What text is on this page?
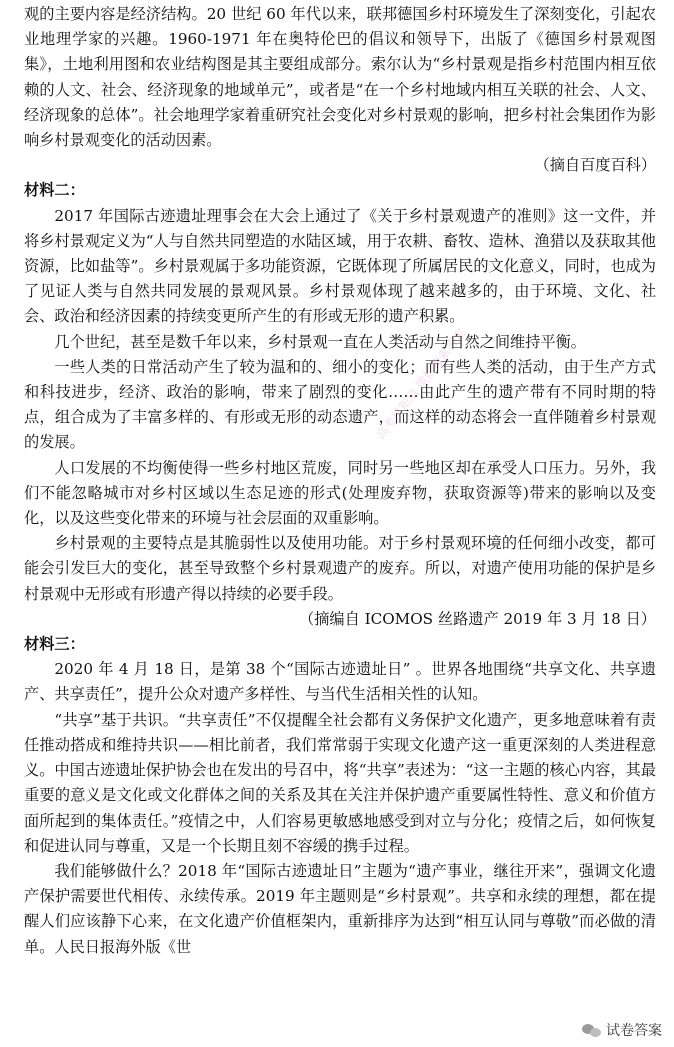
观的主要内容是经济结构。20 世纪 60 年代以来，联邦德国乡村环境发生了深刻变化，引起农业地理学家的兴趣。1960-1971 年在奥特伦巴的倡议和领导下，出版了《德国乡村景观图集》，土地利用图和农业结构图是其主要组成部分。索尔认为“乡村景观是指乡村范围内相互依赖的人文、社会、经济现象的地域单元”，或者是“在一个乡村地域内相互关联的社会、人文、经济现象的总体”。社会地理学家着重研究社会变化对乡村景观的影响，把乡村社会集团作为影响乡村景观变化的活动因素。

（摘自百度百科）

材料二：

2017 年国际古迹遗址理事会在大会上通过了《关于乡村景观遗产的准则》这一文件，并将乡村景观定义为“人与自然共同塑造的水陆区域，用于农耕、畜牧、造林、渔猎以及获取其他资源，比如盐等”。乡村景观属于多功能资源，它既体现了所属居民的文化意义，同时，也成为了见证人类与自然共同发展的景观风景。乡村景观体现了越来越多的，由于环境、文化、社会、政治和经济因素的持续变更所产生的有形或无形的遗产积累。

几个世纪，甚至是数千年以来，乡村景观一直在人类活动与自然之间维持平衡。

一些人类的日常活动产生了较为温和的、细小的变化；而有些人类的活动，由于生产方式和科技进步，经济、政治的影响，带来了剧烈的变化……由此产生的遗产带有不同时期的特点，组合成为了丰富多样的、有形或无形的动态遗产，而这样的动态将会一直伴随着乡村景观的发展。

人口发展的不均衡使得一些乡村地区荒废，同时另一些地区却在承受人口压力。另外，我们不能忽略城市对乡村区域以生态足迹的形式(处理废弃物，获取资源等)带来的影响以及变化，以及这些变化带来的环境与社会层面的双重影响。

乡村景观的主要特点是其脆弱性以及使用功能。对于乡村景观环境的任何细小改变，都可能会引发巨大的变化，甚至导致整个乡村景观遗产的废弃。所以，对遗产使用功能的保护是乡村景观中无形或有形遗产得以持续的必要手段。

（摘编自 ICOMOS 丝路遗产 2019 年 3 月 18 日）

材料三：

2020 年 4 月 18 日，是第 38 个“国际古迹遗址日” 。世界各地围绕“共享文化、共享遗产、共享责任”，提升公众对遗产多样性、与当代生活相关性的认知。

“共享”基于共识。“共享责任”不仅提醒全社会都有义务保护文化遗产，更多地意味着有责任推动搭成和维持共识——相比前者，我们常常弱于实现文化遗产这一重更深刻的人类进程意义。中国古迹遗址保护协会也在发出的号召中，将“共享”表述为：“这一主题的核心内容，其最重要的意义是文化或文化群体之间的关系及其在关注并保护遗产重要属性特性、意义和价值方面所起到的集体责任。”疫情之中，人们容易更敏感地感受到对立与分化；疫情之后，如何恢复和促进认同与尊重，又是一个长期且刻不容缓的携手过程。

我们能够做什么？2018 年“国际古迹遗址日”主题为“遗产事业，继往开来”，强调文化遗产保护需要世代相传、永续传承。2019 年主题则是“乡村景观”。共享和永续的理想，都在提醒人们应该静下心来，在文化遗产价值框架内，重新排序为达到“相互认同与尊敬”而必做的清单。人民日报海外版《世

高考早知道 微信搜索答案
试卷答案
